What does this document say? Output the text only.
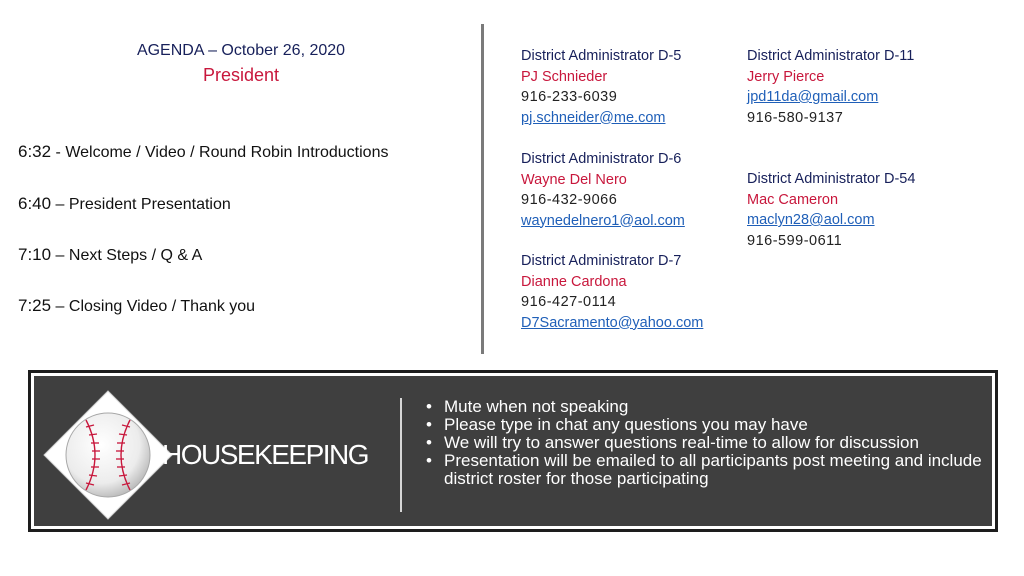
AGENDA – October 26, 2020
President
6:32 - Welcome / Video / Round Robin Introductions
6:40 – President Presentation
7:10 – Next Steps / Q & A
7:25 – Closing Video / Thank you
District Administrator D-5
PJ Schnieder
916-233-6039
pj.schneider@me.com
District Administrator D-6
Wayne Del Nero
916-432-9066
waynedelnero1@aol.com
District Administrator D-7
Dianne Cardona
916-427-0114
D7Sacramento@yahoo.com
District Administrator D-11
Jerry Pierce
jpd11da@gmail.com
916-580-9137
District Administrator D-54
Mac Cameron
maclyn28@aol.com
916-599-0611
HOUSEKEEPING
• Mute when not speaking
• Please type in chat any questions you may have
• We will try to answer questions real-time to allow for discussion
• Presentation will be emailed to all participants post meeting and include district roster for those participating
